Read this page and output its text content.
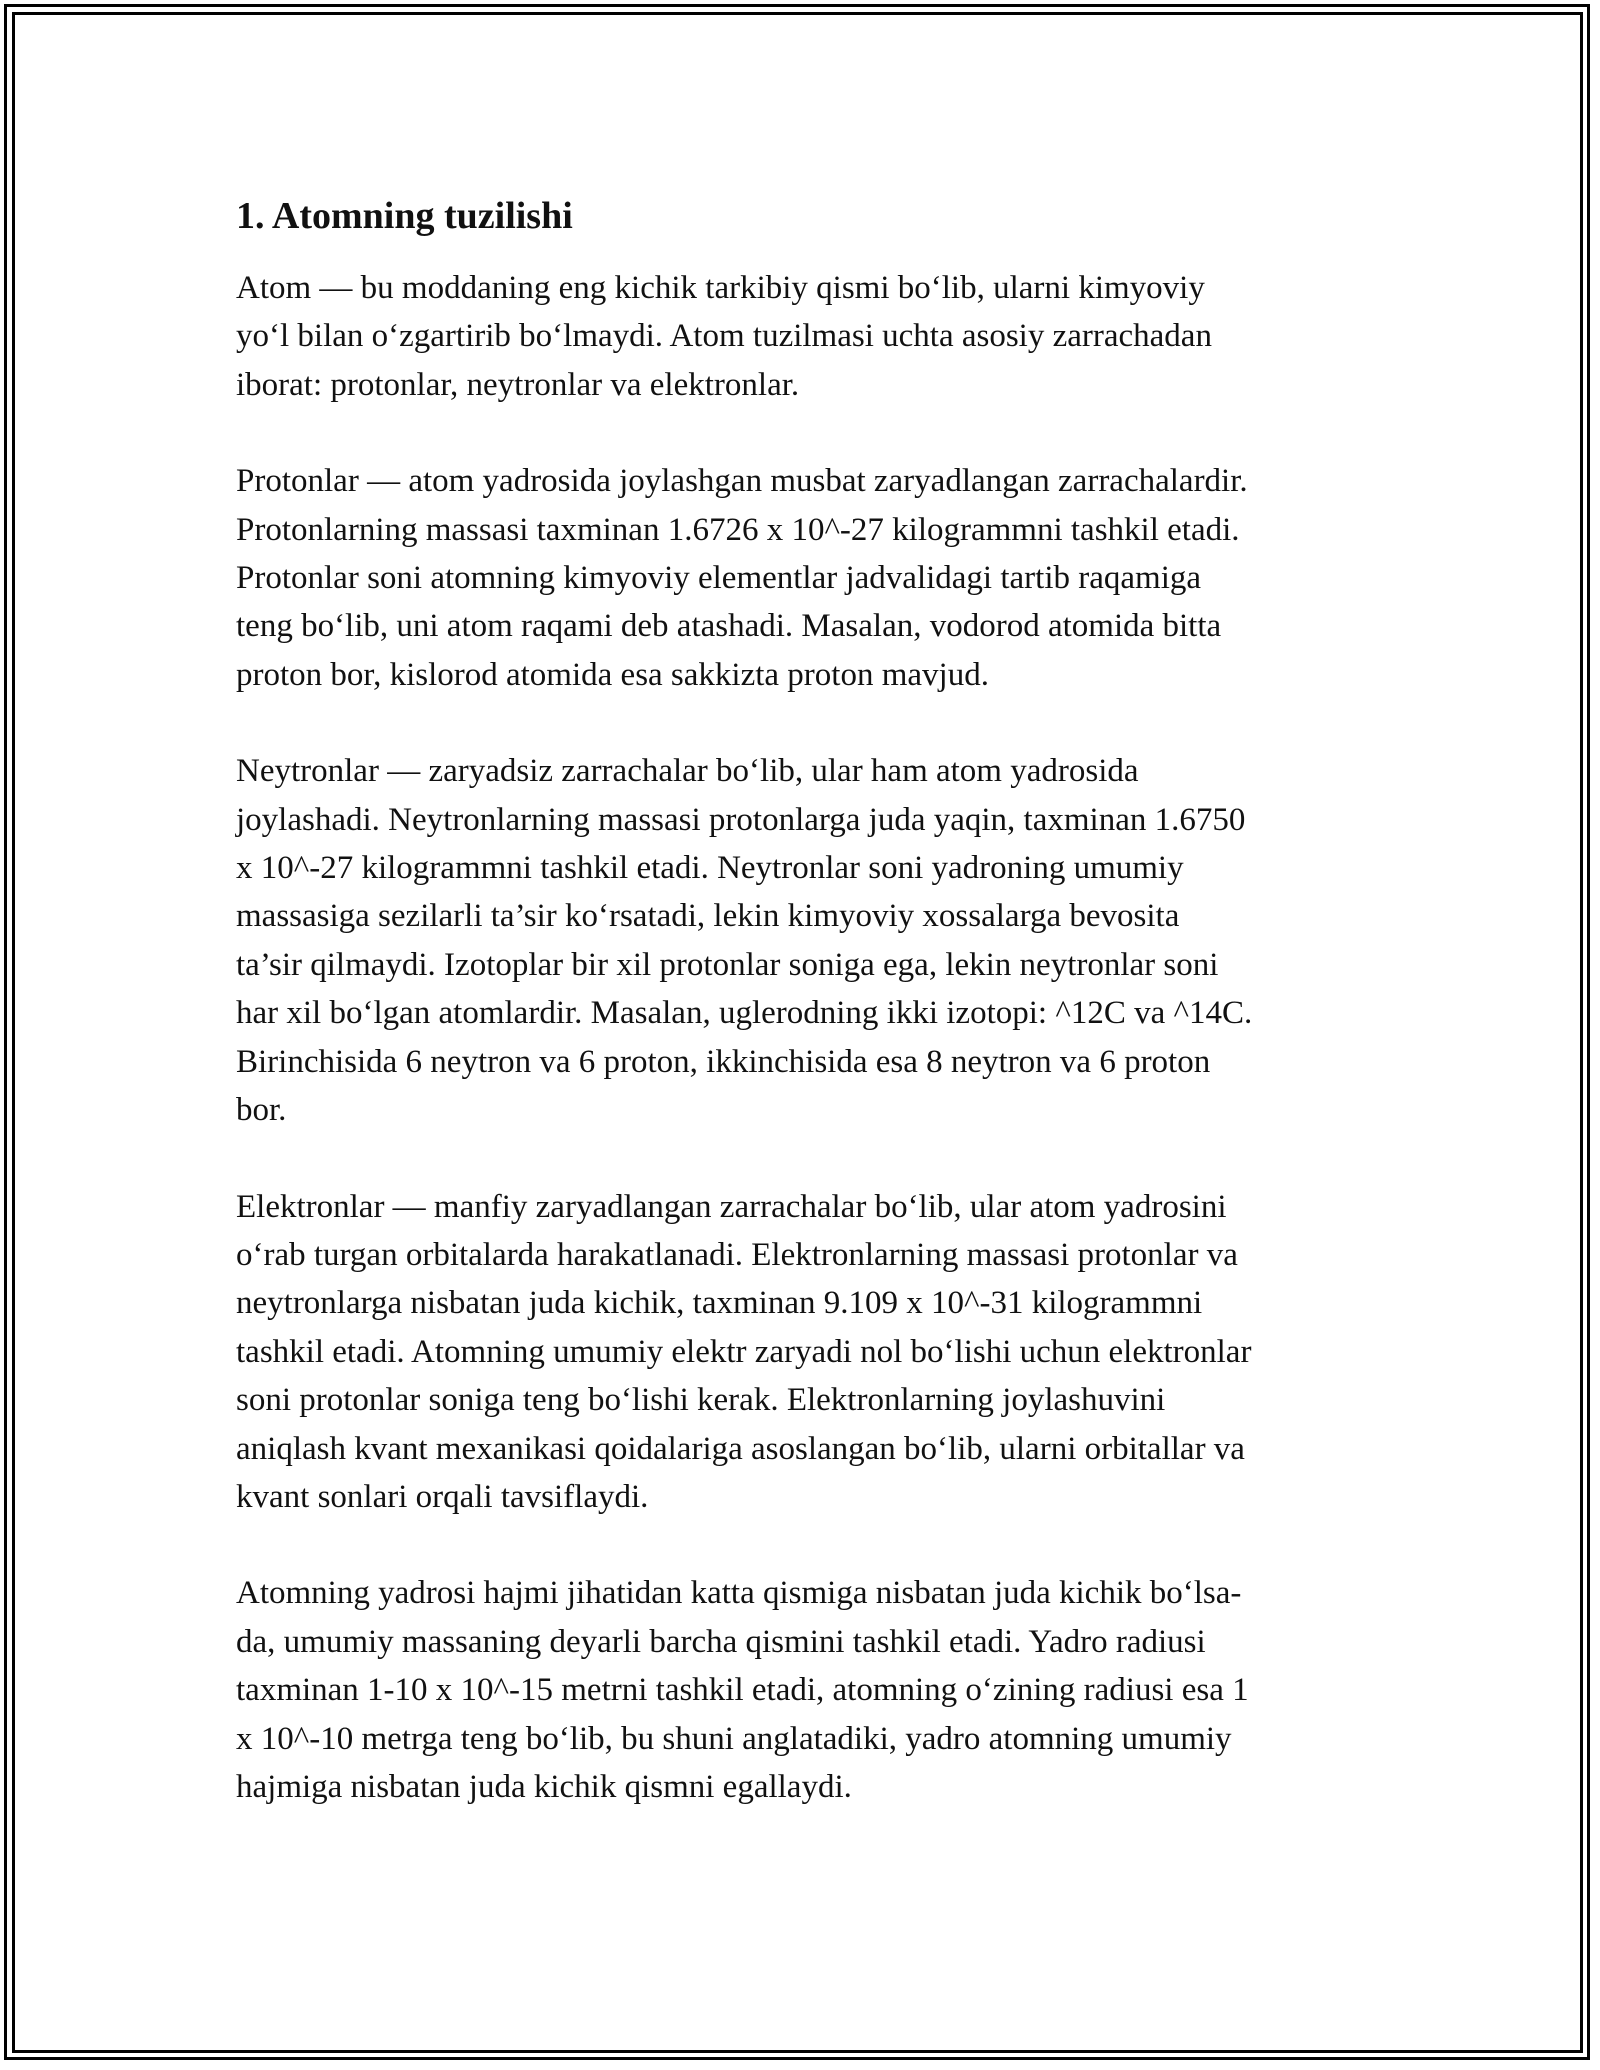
1. Atomning tuzilishi

Atom — bu moddaning eng kichik tarkibiy qismi bo‘lib, ularni kimyoviy
yo‘l bilan o‘zgartirib bo‘lmaydi. Atom tuzilmasi uchta asosiy zarrachadan
iborat: protonlar, neytronlar va elektronlar.

Protonlar — atom yadrosida joylashgan musbat zaryadlangan zarrachalardir.
Protonlarning massasi taxminan 1.6726 x 10^-27 kilogrammni tashkil etadi.
Protonlar soni atomning kimyoviy elementlar jadvalidagi tartib raqamiga
teng bo‘lib, uni atom raqami deb atashadi. Masalan, vodorod atomida bitta
proton bor, kislorod atomida esa sakkizta proton mavjud.

Neytronlar — zaryadsiz zarrachalar bo‘lib, ular ham atom yadrosida
joylashadi. Neytronlarning massasi protonlarga juda yaqin, taxminan 1.6750
x 10^-27 kilogrammni tashkil etadi. Neytronlar soni yadroning umumiy
massasiga sezilarli ta’sir ko‘rsatadi, lekin kimyoviy xossalarga bevosita
ta’sir qilmaydi. Izotoplar bir xil protonlar soniga ega, lekin neytronlar soni
har xil bo‘lgan atomlardir. Masalan, uglerodning ikki izotopi: ^12C va ^14C.
Birinchisida 6 neytron va 6 proton, ikkinchisida esa 8 neytron va 6 proton
bor.

Elektronlar — manfiy zaryadlangan zarrachalar bo‘lib, ular atom yadrosini
o‘rab turgan orbitalarda harakatlanadi. Elektronlarning massasi protonlar va
neytronlarga nisbatan juda kichik, taxminan 9.109 x 10^-31 kilogrammni
tashkil etadi. Atomning umumiy elektr zaryadi nol bo‘lishi uchun elektronlar
soni protonlar soniga teng bo‘lishi kerak. Elektronlarning joylashuvini
aniqlash kvant mexanikasi qoidalariga asoslangan bo‘lib, ularni orbitallar va
kvant sonlari orqali tavsiflaydi.

Atomning yadrosi hajmi jihatidan katta qismiga nisbatan juda kichik bo‘lsa-
da, umumiy massaning deyarli barcha qismini tashkil etadi. Yadro radiusi
taxminan 1-10 x 10^-15 metrni tashkil etadi, atomning o‘zining radiusi esa 1
x 10^-10 metrga teng bo‘lib, bu shuni anglatadiki, yadro atomning umumiy
hajmiga nisbatan juda kichik qismni egallaydi.
